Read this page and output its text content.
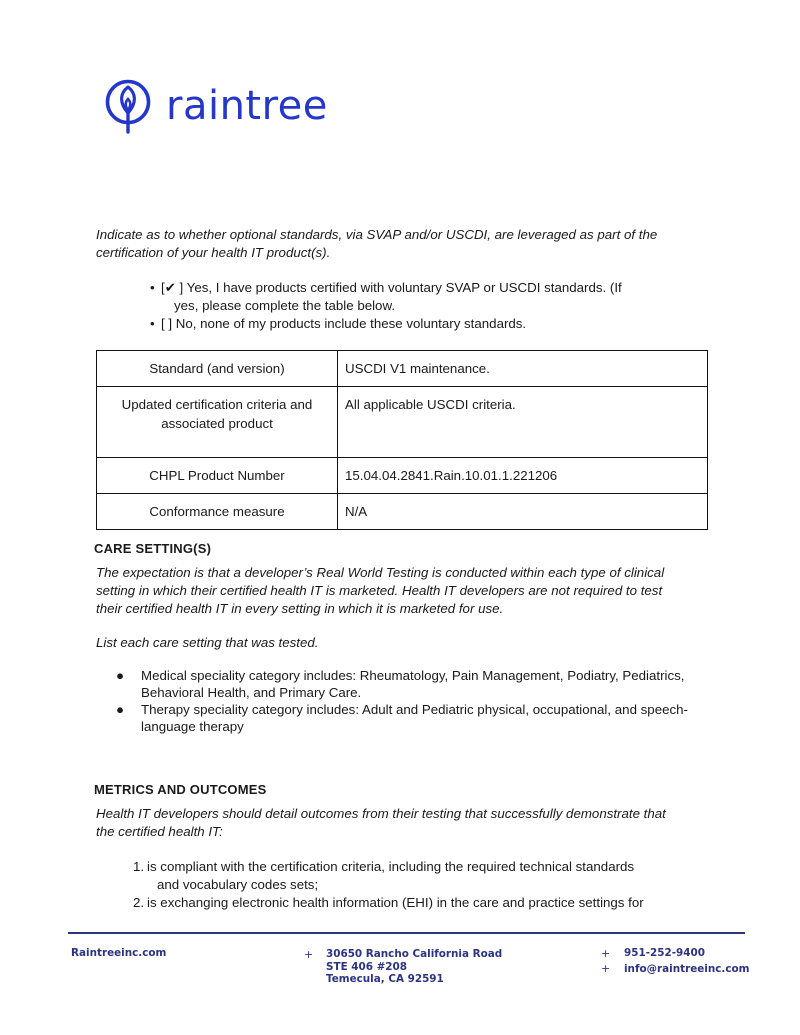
raintree
Indicate as to whether optional standards, via SVAP and/or USCDI, are leveraged as part of the certification of your health IT product(s).
• [✔ ] Yes, I have products certified with voluntary SVAP or USCDI standards. (If
yes, please complete the table below.
• [ ] No, none of my products include these voluntary standards.
Standard (and version)	USCDI V1 maintenance.
Updated certification criteria and associated product	All applicable USCDI criteria.
CHPL Product Number	15.04.04.2841.Rain.10.01.1.221206
Conformance measure	N/A
CARE SETTING(S)
The expectation is that a developer’s Real World Testing is conducted within each type of clinical setting in which their certified health IT is marketed. Health IT developers are not required to test their certified health IT in every setting in which it is marketed for use.
List each care setting that was tested.
● Medical speciality category includes: Rheumatology, Pain Management, Podiatry, Pediatrics, Behavioral Health, and Primary Care.
● Therapy speciality category includes: Adult and Pediatric physical, occupational, and speech-language therapy
METRICS AND OUTCOMES
Health IT developers should detail outcomes from their testing that successfully demonstrate that the certified health IT:
1. is compliant with the certification criteria, including the required technical standards
and vocabulary codes sets;
2. is exchanging electronic health information (EHI) in the care and practice settings for
Raintreeinc.com	+ 30650 Rancho California Road
STE 406 #208
Temecula, CA 92591
+ 951-252-9400
+ info@raintreeinc.com
